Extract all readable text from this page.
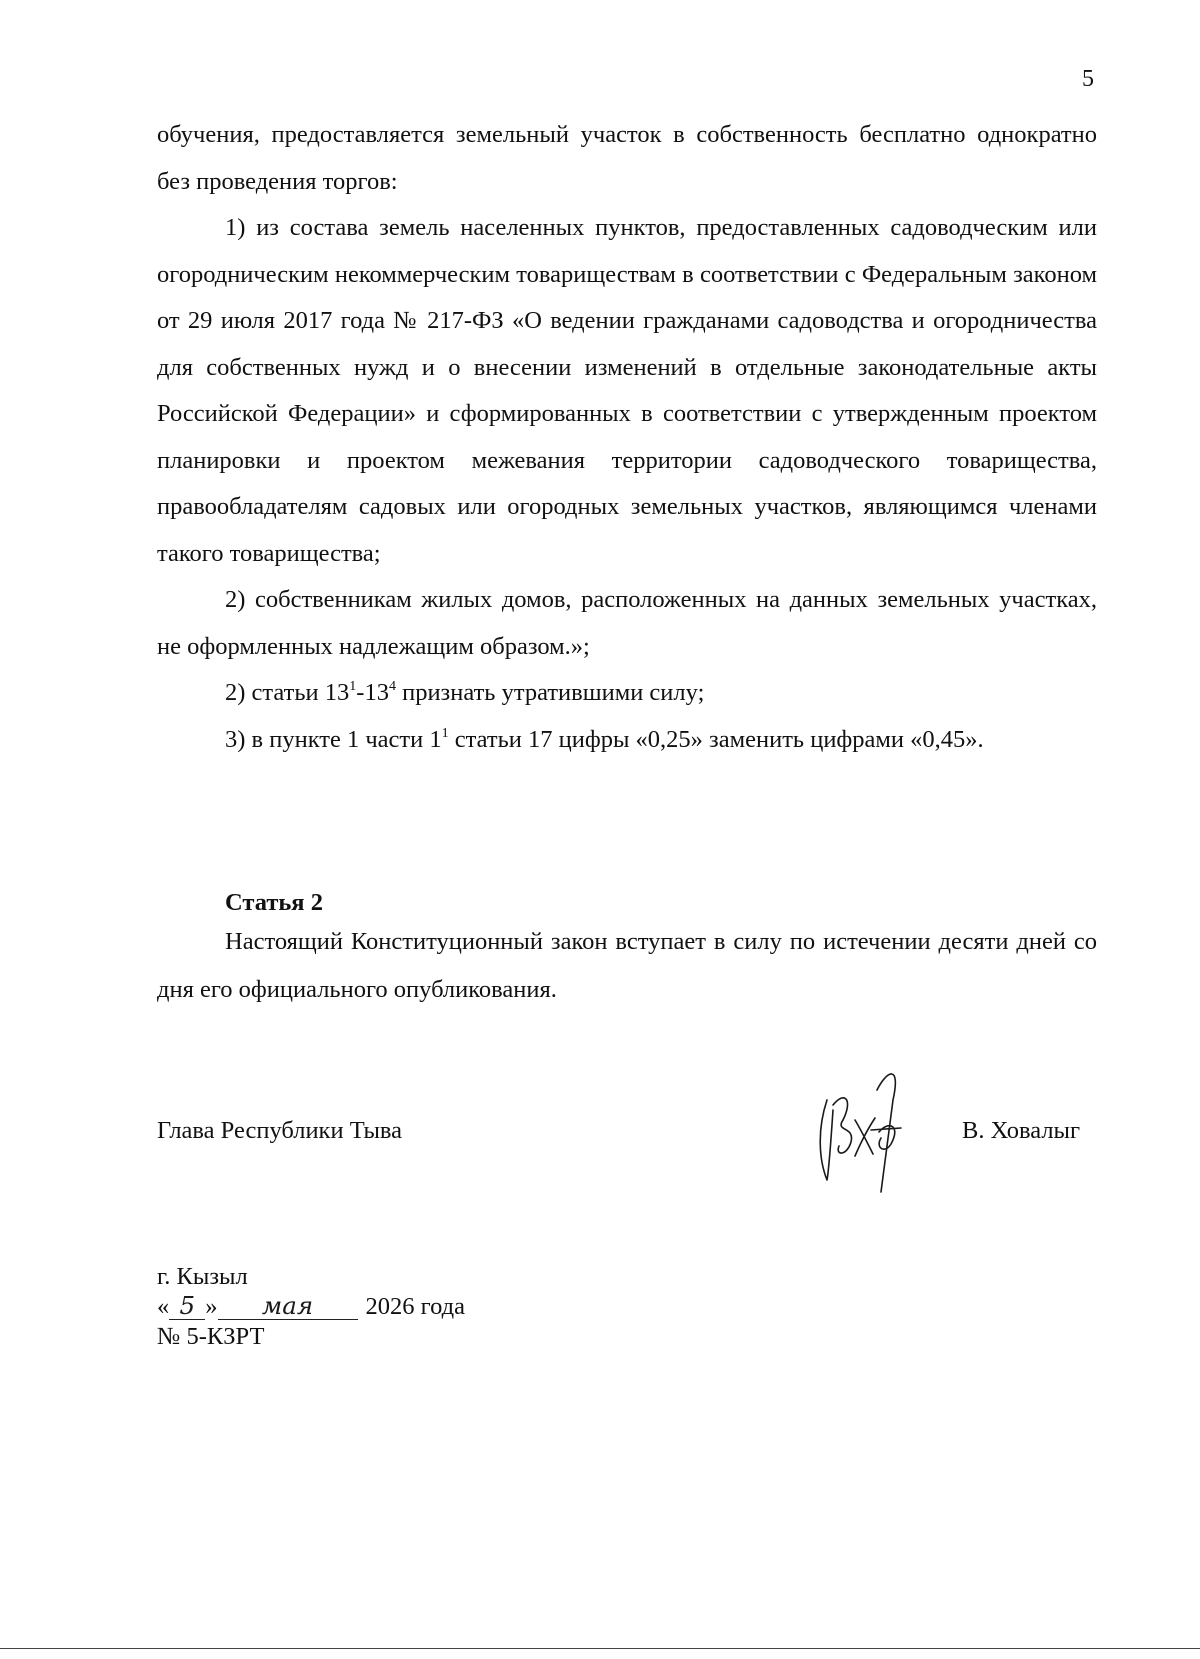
5

обучения, предоставляется земельный участок в собственность бесплатно однократно без проведения торгов:

1) из состава земель населенных пунктов, предоставленных садоводческим или огородническим некоммерческим товариществам в соответствии с Федеральным законом от 29 июля 2017 года № 217-ФЗ «О ведении гражданами садоводства и огородничества для собственных нужд и о внесении изменений в отдельные законодательные акты Российской Федерации» и сформированных в соответствии с утвержденным проектом планировки и проектом межевания территории садоводческого товарищества, правообладателям садовых или огородных земельных участков, являющимся членами такого товарищества;

2) собственникам жилых домов, расположенных на данных земельных участках, не оформленных надлежащим образом.»;

2) статьи $13^1-13^4$ признать утратившими силу;

3) в пункте 1 части $1^1$ статьи 17 цифры «0,25» заменить цифрами «0,45».

Статья 2

Настоящий Конституционный закон вступает в силу по истечении десяти дней со дня его официального опубликования.

Глава Республики Тыва	В. Ховалыг
г. Кызыл
« 5 » мая 2026 года
№ 5-КЗРТ
